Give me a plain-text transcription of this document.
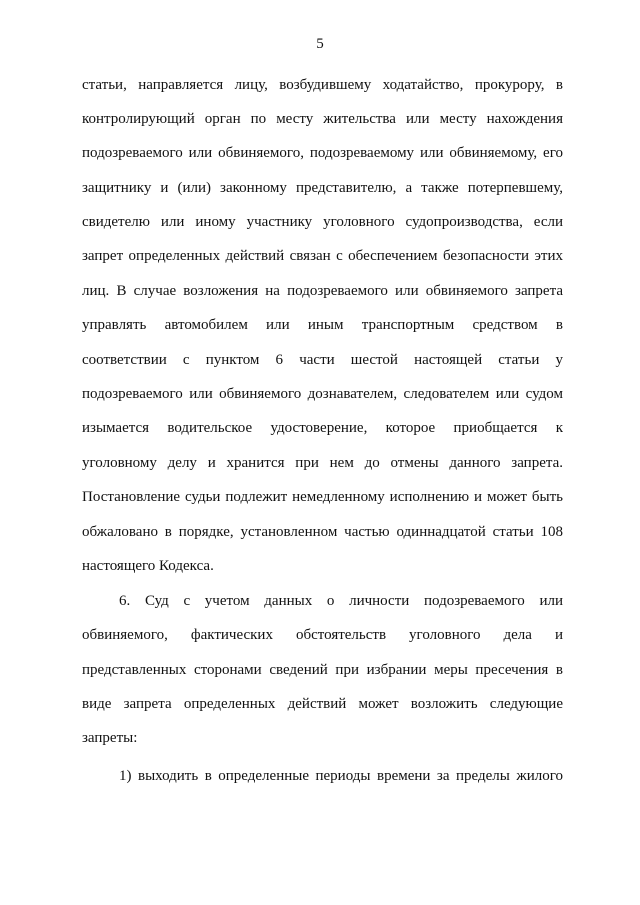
5
статьи, направляется лицу, возбудившему ходатайство, прокурору, в
контролирующий орган по месту жительства или месту нахождения
подозреваемого или обвиняемого, подозреваемому или обвиняемому, его
защитнику и (или) законному представителю, а также потерпевшему,
свидетелю или иному участнику уголовного судопроизводства, если
запрет определенных действий связан с обеспечением безопасности этих
лиц. В случае возложения на подозреваемого или обвиняемого запрета
управлять автомобилем или иным транспортным средством в
соответствии с пунктом 6 части шестой настоящей статьи у
подозреваемого или обвиняемого дознавателем, следователем или судом
изымается водительское удостоверение, которое приобщается к
уголовному делу и хранится при нем до отмены данного запрета.
Постановление судьи подлежит немедленному исполнению и может быть
обжаловано в порядке, установленном частью одиннадцатой статьи 108
настоящего Кодекса.
6. Суд с учетом данных о личности подозреваемого или
обвиняемого, фактических обстоятельств уголовного дела и
представленных сторонами сведений при избрании меры пресечения в
виде запрета определенных действий может возложить следующие
запреты:
1) выходить в определенные периоды времени за пределы жилого
